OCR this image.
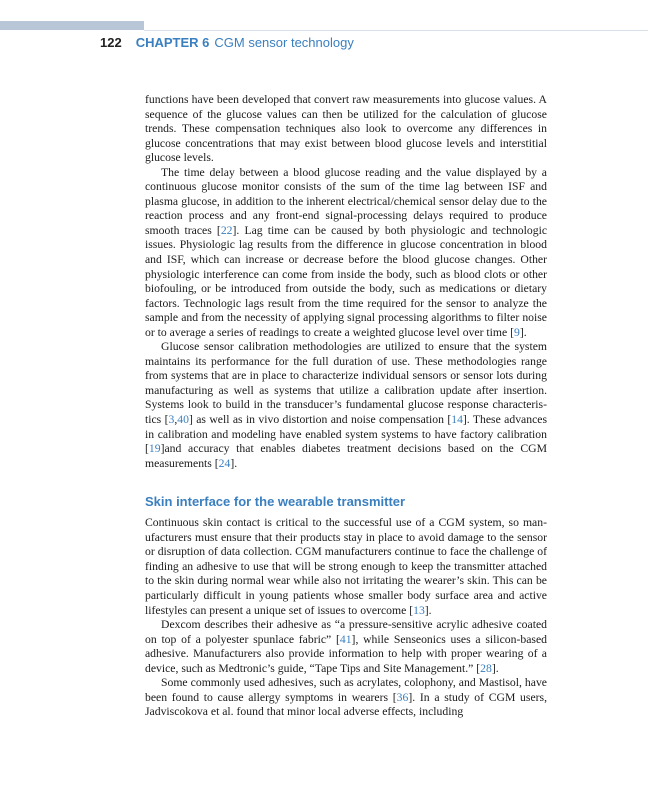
122 CHAPTER 6 CGM sensor technology

functions have been developed that convert raw measurements into glucose values. A sequence of the glucose values can then be utilized for the calculation of glucose trends. These compensation techniques also look to overcome any differences in glucose concentrations that may exist between blood glucose levels and interstitial glucose levels.

The time delay between a blood glucose reading and the value displayed by a continuous glucose monitor consists of the sum of the time lag between ISF and plasma glucose, in addition to the inherent electrical/chemical sensor delay due to the reaction process and any front-end signal-processing delays required to produce smooth traces [22]. Lag time can be caused by both physiologic and technologic issues. Physiologic lag results from the difference in glucose concentration in blood and ISF, which can increase or decrease before the blood glucose changes. Other physiologic interference can come from inside the body, such as blood clots or other biofouling, or be introduced from outside the body, such as medications or dietary factors. Technologic lags result from the time required for the sensor to analyze the sample and from the necessity of applying signal processing algorithms to filter noise or to average a series of readings to create a weighted glucose level over time [9].

Glucose sensor calibration methodologies are utilized to ensure that the system maintains its performance for the full duration of use. These methodologies range from systems that are in place to characterize individual sensors or sensor lots during manufacturing as well as systems that utilize a calibration update after insertion. Systems look to build in the transducer’s fundamental glucose response characteristics [3,40] as well as in vivo distortion and noise compensation [14]. These advances in calibration and modeling have enabled system systems to have factory calibration [19]and accuracy that enables diabetes treatment decisions based on the CGM measurements [24].

Skin interface for the wearable transmitter

Continuous skin contact is critical to the successful use of a CGM system, so manufacturers must ensure that their products stay in place to avoid damage to the sensor or disruption of data collection. CGM manufacturers continue to face the challenge of finding an adhesive to use that will be strong enough to keep the transmitter attached to the skin during normal wear while also not irritating the wearer’s skin. This can be particularly difficult in young patients whose smaller body surface area and active lifestyles can present a unique set of issues to overcome [13].

Dexcom describes their adhesive as “a pressure-sensitive acrylic adhesive coated on top of a polyester spunlace fabric” [41], while Senseonics uses a silicon-based adhesive. Manufacturers also provide information to help with proper wearing of a device, such as Medtronic’s guide, “Tape Tips and Site Management.” [28].

Some commonly used adhesives, such as acrylates, colophony, and Mastisol, have been found to cause allergy symptoms in wearers [36]. In a study of CGM users, Jadviscokova et al. found that minor local adverse effects, including
